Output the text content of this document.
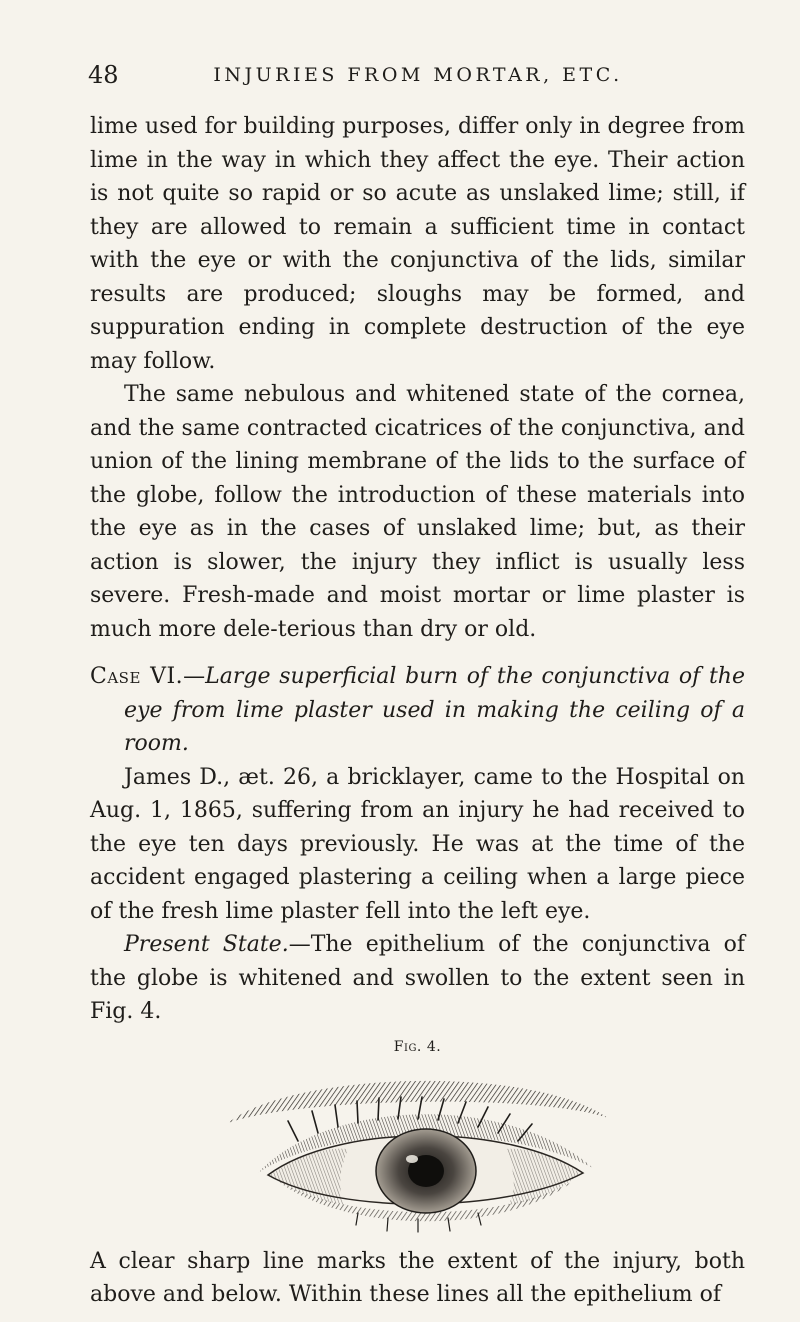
48	INJURIES FROM MORTAR, ETC.

lime used for building purposes, differ only in degree from lime in the way in which they affect the eye. Their action is not quite so rapid or so acute as unslaked lime; still, if they are allowed to remain a sufficient time in contact with the eye or with the conjunctiva of the lids, similar results are produced; sloughs may be formed, and suppuration ending in complete destruction of the eye may follow.

The same nebulous and whitened state of the cornea, and the same contracted cicatrices of the conjunctiva, and union of the lining membrane of the lids to the surface of the globe, follow the introduction of these materials into the eye as in the cases of unslaked lime; but, as their action is slower, the injury they inflict is usually less severe. Fresh-made and moist mortar or lime plaster is much more dele-terious than dry or old.

Case VI.—Large superficial burn of the conjunctiva of the eye from lime plaster used in making the ceiling of a room.

James D., æt. 26, a bricklayer, came to the Hospital on Aug. 1, 1865, suffering from an injury he had received to the eye ten days previously. He was at the time of the accident engaged plastering a ceiling when a large piece of the fresh lime plaster fell into the left eye.

Present State.—The epithelium of the conjunctiva of the globe is whitened and swollen to the extent seen in Fig. 4.

Fig. 4.

A clear sharp line marks the extent of the injury, both above and below. Within these lines all the epithelium of
